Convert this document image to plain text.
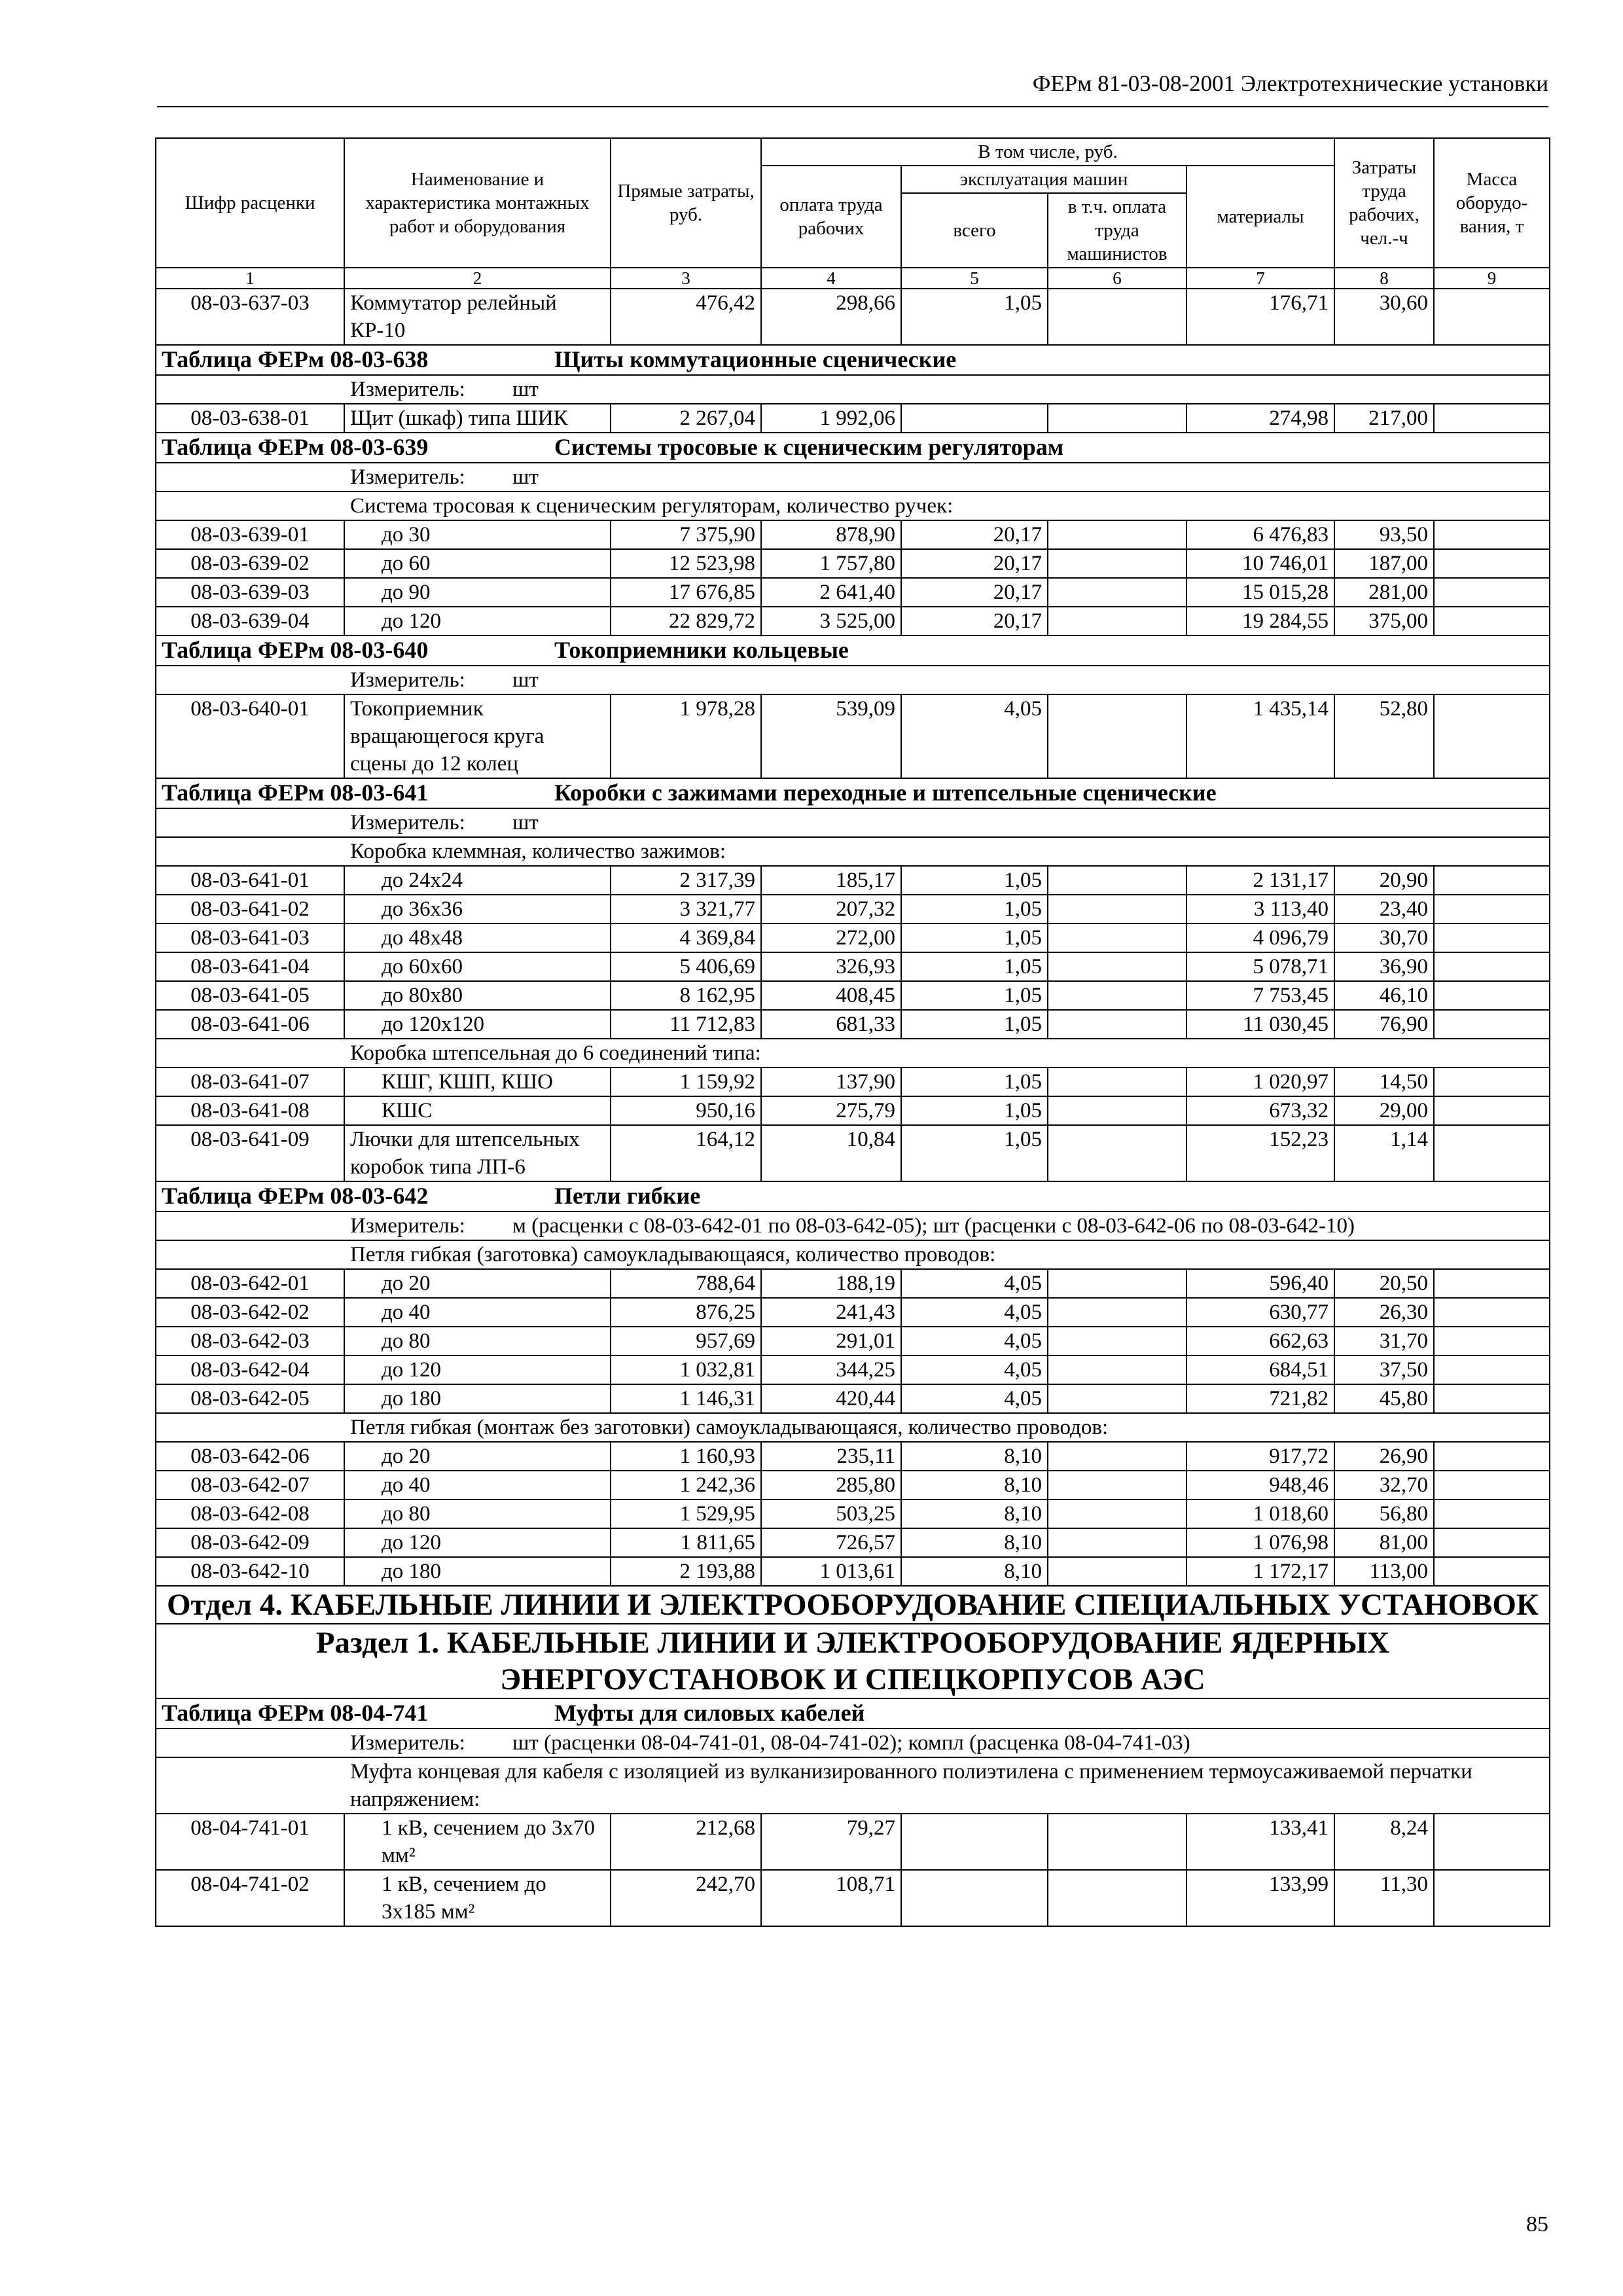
ФЕРм 81-03-08-2001 Электротехнические установки
Шифр расценки	Наименование и характеристика монтажных работ и оборудования	Прямые затраты, руб.	В том числе, руб.				Затраты труда рабочих, чел.-ч	Масса оборудо-вания, т
			оплата труда рабочих	эксплуатация машин		материалы		
				всего	в т.ч. оплата труда машинистов			
1	2	3	4	5	6	7	8	9
08-03-637-03	Коммутатор релейный КР-10	476,42	298,66	1,05		176,71	30,60	
Таблица ФЕРм 08-03-638 Щиты коммутационные сценические								
Измеритель: шт								
08-03-638-01	Щит (шкаф) типа ШИК	2 267,04	1 992,06			274,98	217,00	
Таблица ФЕРм 08-03-639 Системы тросовые к сценическим регуляторам								
Измеритель: шт								
Система тросовая к сценическим регуляторам, количество ручек:								
08-03-639-01	до 30	7 375,90	878,90	20,17		6 476,83	93,50	
08-03-639-02	до 60	12 523,98	1 757,80	20,17		10 746,01	187,00	
08-03-639-03	до 90	17 676,85	2 641,40	20,17		15 015,28	281,00	
08-03-639-04	до 120	22 829,72	3 525,00	20,17		19 284,55	375,00	
Таблица ФЕРм 08-03-640 Токоприемники кольцевые								
Измеритель: шт								
08-03-640-01	Токоприемник вращающегося круга сцены до 12 колец	1 978,28	539,09	4,05		1 435,14	52,80	
Таблица ФЕРм 08-03-641 Коробки с зажимами переходные и штепсельные сценические								
Измеритель: шт								
Коробка клеммная, количество зажимов:								
08-03-641-01	до 24х24	2 317,39	185,17	1,05		2 131,17	20,90	
08-03-641-02	до 36х36	3 321,77	207,32	1,05		3 113,40	23,40	
08-03-641-03	до 48х48	4 369,84	272,00	1,05		4 096,79	30,70	
08-03-641-04	до 60х60	5 406,69	326,93	1,05		5 078,71	36,90	
08-03-641-05	до 80х80	8 162,95	408,45	1,05		7 753,45	46,10	
08-03-641-06	до 120х120	11 712,83	681,33	1,05		11 030,45	76,90	
Коробка штепсельная до 6 соединений типа:								
08-03-641-07	КШГ, КШП, КШО	1 159,92	137,90	1,05		1 020,97	14,50	
08-03-641-08	КШС	950,16	275,79	1,05		673,32	29,00	
08-03-641-09	Лючки для штепсельных коробок типа ЛП-6	164,12	10,84	1,05		152,23	1,14	
Таблица ФЕРм 08-03-642 Петли гибкие								
Измеритель: м (расценки с 08-03-642-01 по 08-03-642-05); шт (расценки с 08-03-642-06 по 08-03-642-10)								
Петля гибкая (заготовка) самоукладывающаяся, количество проводов:								
08-03-642-01	до 20	788,64	188,19	4,05		596,40	20,50	
08-03-642-02	до 40	876,25	241,43	4,05		630,77	26,30	
08-03-642-03	до 80	957,69	291,01	4,05		662,63	31,70	
08-03-642-04	до 120	1 032,81	344,25	4,05		684,51	37,50	
08-03-642-05	до 180	1 146,31	420,44	4,05		721,82	45,80	
Петля гибкая (монтаж без заготовки) самоукладывающаяся, количество проводов:								
08-03-642-06	до 20	1 160,93	235,11	8,10		917,72	26,90	
08-03-642-07	до 40	1 242,36	285,80	8,10		948,46	32,70	
08-03-642-08	до 80	1 529,95	503,25	8,10		1 018,60	56,80	
08-03-642-09	до 120	1 811,65	726,57	8,10		1 076,98	81,00	
08-03-642-10	до 180	2 193,88	1 013,61	8,10		1 172,17	113,00	
Отдел 4. КАБЕЛЬНЫЕ ЛИНИИ И ЭЛЕКТРООБОРУДОВАНИЕ СПЕЦИАЛЬНЫХ УСТАНОВОК								
Раздел 1. КАБЕЛЬНЫЕ ЛИНИИ И ЭЛЕКТРООБОРУДОВАНИЕ ЯДЕРНЫХ ЭНЕРГОУСТАНОВОК И СПЕЦКОРПУСОВ АЭС								
Таблица ФЕРм 08-04-741 Муфты для силовых кабелей								
Измеритель: шт (расценки 08-04-741-01, 08-04-741-02); компл (расценка 08-04-741-03)								
Муфта концевая для кабеля с изоляцией из вулканизированного полиэтилена с применением термоусаживаемой перчатки напряжением:								
08-04-741-01	1 кВ, сечением до 3х70 мм²	212,68	79,27			133,41	8,24	
08-04-741-02	1 кВ, сечением до 3х185 мм²	242,70	108,71			133,99	11,30	
85
